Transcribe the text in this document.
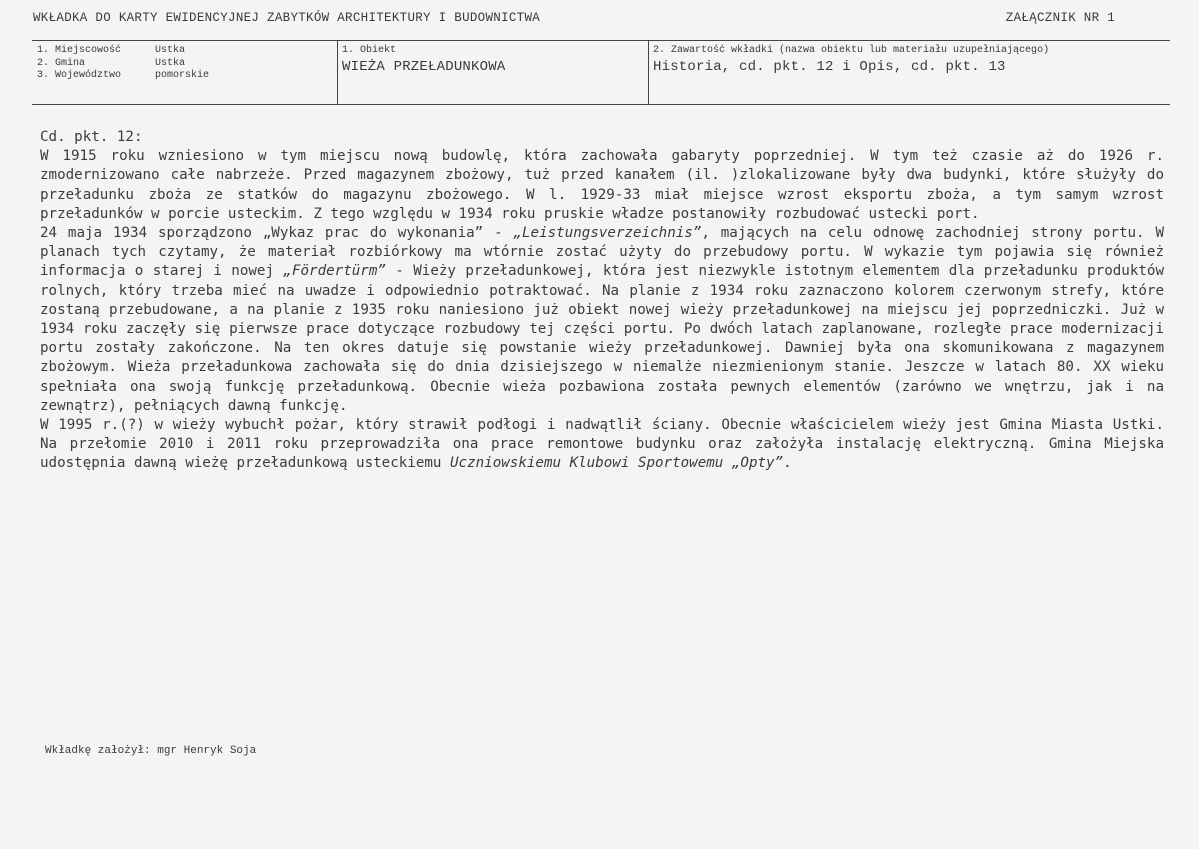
WKŁADKA DO KARTY EWIDENCYJNEJ ZABYTKÓW ARCHITEKTURY I BUDOWNICTWA	ZAŁĄCZNIK NR 1
1. Miejscowość	Ustka
2. Gmina	Ustka
3. Województwo	pomorskie
1. Obiekt
WIEŻA PRZEŁADUNKOWA
2. Zawartość wkładki (nazwa obiektu lub materiału uzupełniającego)
Historia, cd. pkt. 12 i Opis, cd. pkt. 13

Cd. pkt. 12:

W 1915 roku wzniesiono w tym miejscu nową budowlę, która zachowała gabaryty poprzedniej. W tym też czasie aż do 1926 r. zmodernizowano całe nabrzeże. Przed magazynem zbożowy, tuż przed kanałem (il. )zlokalizowane były dwa budynki, które służyły do przeładunku zboża ze statków do magazynu zbożowego. W l. 1929-33 miał miejsce wzrost eksportu zboża, a tym samym wzrost przeładunków w porcie usteckim. Z tego względu w 1934 roku pruskie władze postanowiły rozbudować ustecki port.

24 maja 1934 sporządzono „Wykaz prac do wykonania” - „Leistungsverzeichnis”, mających na celu odnowę zachodniej strony portu. W planach tych czytamy, że materiał rozbiórkowy ma wtórnie zostać użyty do przebudowy portu. W wykazie tym pojawia się również informacja o starej i nowej „Fördertürm” - Wieży przeładunkowej, która jest niezwykle istotnym elementem dla przeładunku produktów rolnych, który trzeba mieć na uwadze i odpowiednio potraktować. Na planie z 1934 roku zaznaczono kolorem czerwonym strefy, które zostaną przebudowane, a na planie z 1935 roku naniesiono już obiekt nowej wieży przeładunkowej na miejscu jej poprzedniczki. Już w 1934 roku zaczęły się pierwsze prace dotyczące rozbudowy tej części portu. Po dwóch latach zaplanowane, rozległe prace modernizacji portu zostały zakończone. Na ten okres datuje się powstanie wieży przeładunkowej. Dawniej była ona skomunikowana z magazynem zbożowym. Wieża przeładunkowa zachowała się do dnia dzisiejszego w niemalże niezmienionym stanie. Jeszcze w latach 80. XX wieku spełniała ona swoją funkcję przeładunkową. Obecnie wieża pozbawiona została pewnych elementów (zarówno we wnętrzu, jak i na zewnątrz), pełniących dawną funkcję.

W 1995 r.(?) w wieży wybuchł pożar, który strawił podłogi i nadwątlił ściany. Obecnie właścicielem wieży jest Gmina Miasta Ustki. Na przełomie 2010 i 2011 roku przeprowadziła ona prace remontowe budynku oraz założyła instalację elektryczną. Gmina Miejska udostępnia dawną wieżę przeładunkową usteckiemu Uczniowskiemu Klubowi Sportowemu „Opty”.

Wkładkę założył: mgr Henryk Soja
